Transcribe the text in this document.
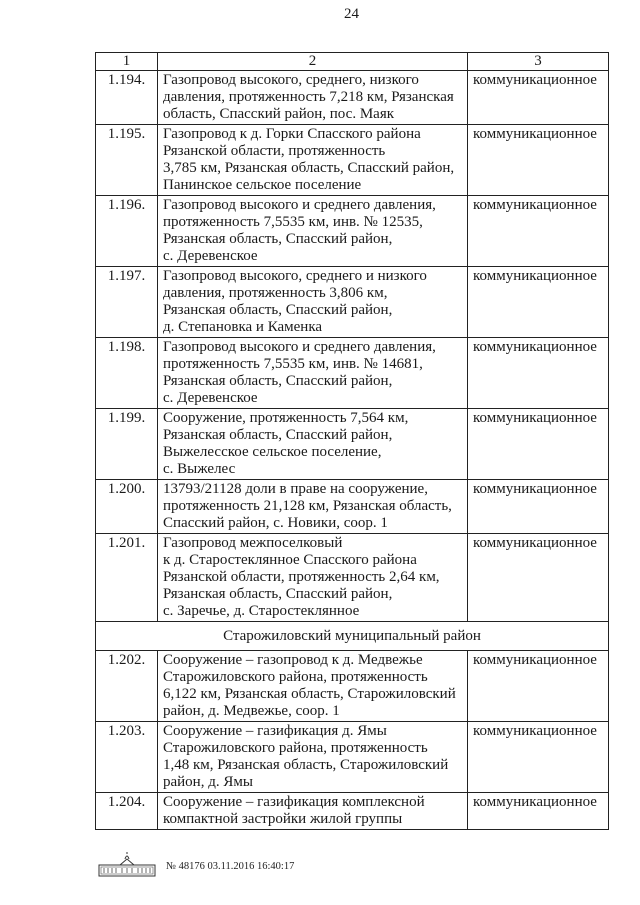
24
1	2	3
1.194.	Газопровод высокого, среднего, низкого
давления, протяженность 7,218 км, Рязанская
область, Спасский район, пос. Маяк	коммуникационное
1.195.	Газопровод к д. Горки Спасского района
Рязанской области, протяженность
3,785 км, Рязанская область, Спасский район,
Панинское сельское поселение	коммуникационное
1.196.	Газопровод высокого и среднего давления,
протяженность 7,5535 км, инв. № 12535,
Рязанская область, Спасский район,
с. Деревенское	коммуникационное
1.197.	Газопровод высокого, среднего и низкого
давления, протяженность 3,806 км,
Рязанская область, Спасский район,
д. Степановка и Каменка	коммуникационное
1.198.	Газопровод высокого и среднего давления,
протяженность 7,5535 км, инв. № 14681,
Рязанская область, Спасский район,
с. Деревенское	коммуникационное
1.199.	Сооружение, протяженность 7,564 км,
Рязанская область, Спасский район,
Выжелесское сельское поселение,
с. Выжелес	коммуникационное
1.200.	13793/21128 доли в праве на сооружение,
протяженность 21,128 км, Рязанская область,
Спасский район, с. Новики, соор. 1	коммуникационное
1.201.	Газопровод межпоселковый
к д. Старостеклянное Спасского района
Рязанской области, протяженность 2,64 км,
Рязанская область, Спасский район,
с. Заречье, д. Старостеклянное	коммуникационное
Старожиловский муниципальный район		
1.202.	Сооружение – газопровод к д. Медвежье
Старожиловского района, протяженность
6,122 км, Рязанская область, Старожиловский
район, д. Медвежье, соор. 1	коммуникационное
1.203.	Сооружение – газификация д. Ямы
Старожиловского района, протяженность
1,48 км, Рязанская область, Старожиловский
район, д. Ямы	коммуникационное
1.204.	Сооружение – газификация комплексной
компактной застройки жилой группы	коммуникационное
№ 48176 03.11.2016 16:40:17
